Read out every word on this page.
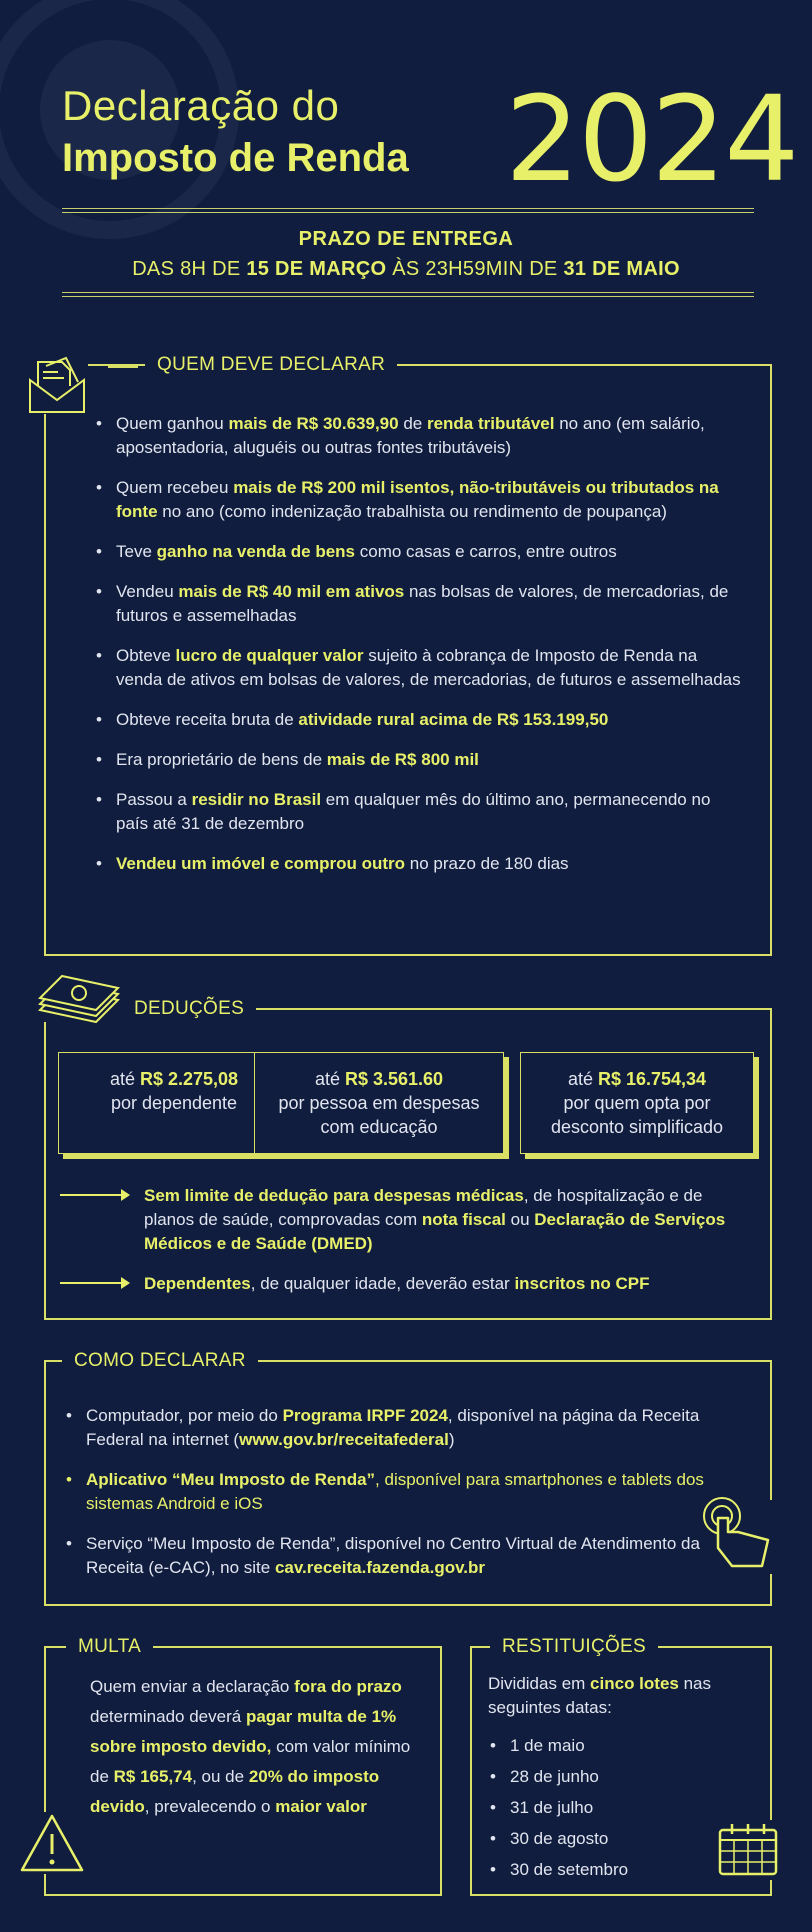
Declaração do
Imposto de Renda 2024
PRAZO DE ENTREGA
DAS 8H DE 15 DE MARÇO ÀS 23H59MIN DE 31 DE MAIO
QUEM DEVE DECLARAR
• Quem ganhou mais de R$ 30.639,90 de renda tributável no ano (em salário, aposentadoria, aluguéis ou outras fontes tributáveis)
• Quem recebeu mais de R$ 200 mil isentos, não-tributáveis ou tributados na fonte no ano (como indenização trabalhista ou rendimento de poupança)
• Teve ganho na venda de bens como casas e carros, entre outros
• Vendeu mais de R$ 40 mil em ativos nas bolsas de valores, de mercadorias, de futuros e assemelhadas
• Obteve lucro de qualquer valor sujeito à cobrança de Imposto de Renda na venda de ativos em bolsas de valores, de mercadorias, de futuros e assemelhadas
• Obteve receita bruta de atividade rural acima de R$ 153.199,50
• Era proprietário de bens de mais de R$ 800 mil
• Passou a residir no Brasil em qualquer mês do último ano, permanecendo no país até 31 de dezembro
• Vendeu um imóvel e comprou outro no prazo de 180 dias
DEDUÇÕES
até R$ 2.275,08
por dependente
até R$ 3.561.60
por pessoa em despesas
com educação
até R$ 16.754,34
por quem opta por
desconto simplificado
Sem limite de dedução para despesas médicas, de hospitalização e de planos de saúde, comprovadas com nota fiscal ou Declaração de Serviços Médicos e de Saúde (DMED)
Dependentes, de qualquer idade, deverão estar inscritos no CPF
COMO DECLARAR
• Computador, por meio do Programa IRPF 2024, disponível na página da Receita Federal na internet (www.gov.br/receitafederal)
• Aplicativo “Meu Imposto de Renda”, disponível para smartphones e tablets dos sistemas Android e iOS
• Serviço “Meu Imposto de Renda”, disponível no Centro Virtual de Atendimento da Receita (e-CAC), no site cav.receita.fazenda.gov.br
MULTA
Quem enviar a declaração fora do prazo determinado deverá pagar multa de 1% sobre imposto devido, com valor mínimo de R$ 165,74, ou de 20% do imposto devido, prevalecendo o maior valor
RESTITUIÇÕES
Divididas em cinco lotes nas seguintes datas:
• 1 de maio
• 28 de junho
• 31 de julho
• 30 de agosto
• 30 de setembro
